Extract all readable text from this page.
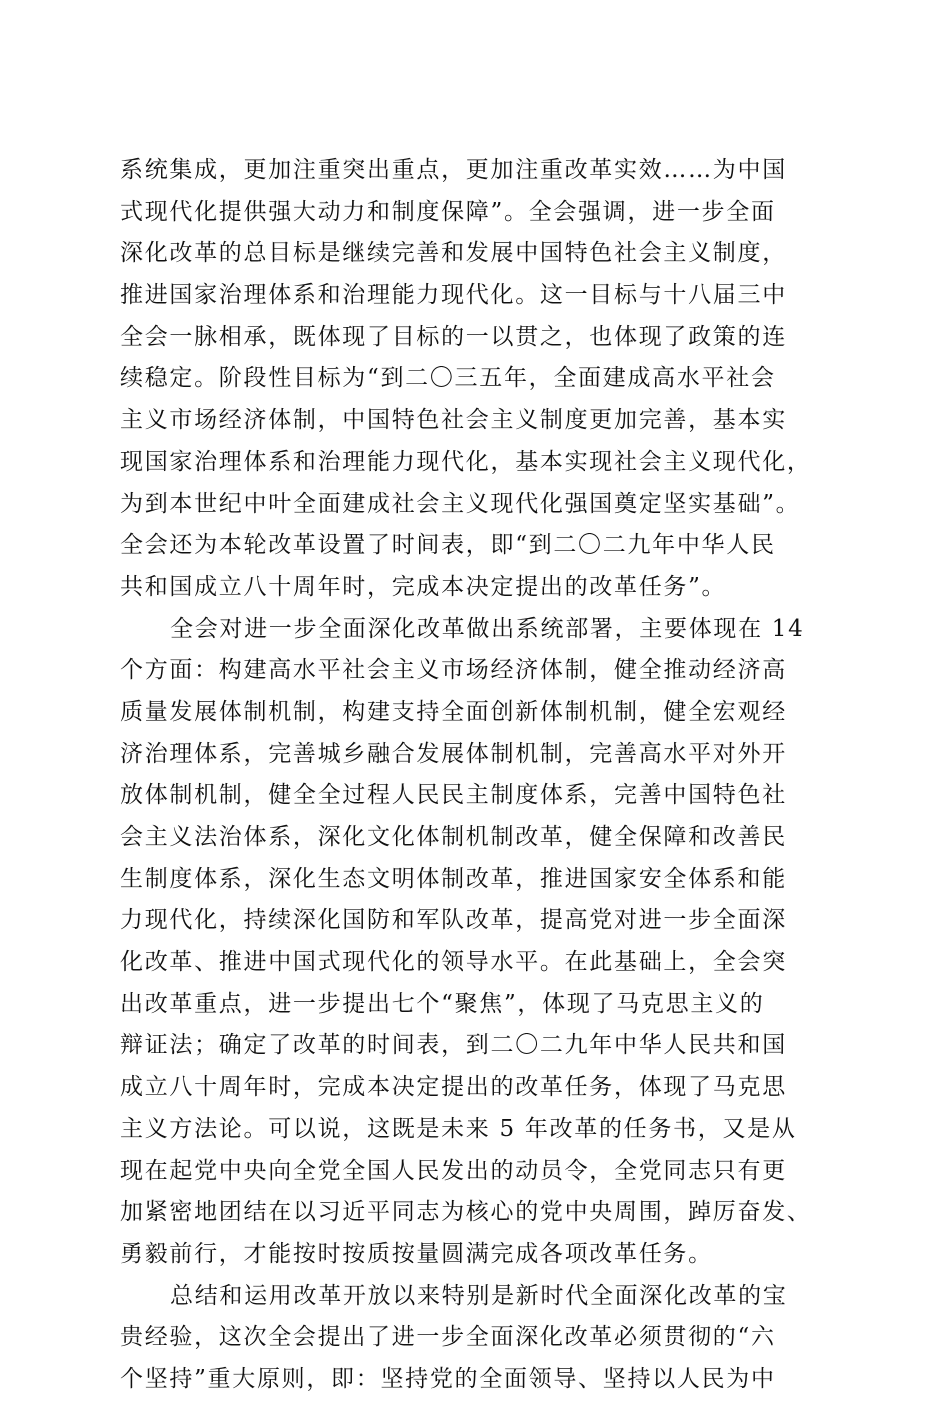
系统集成，更加注重突出重点，更加注重改革实效……为中国
式现代化提供强大动力和制度保障”。全会强调，进一步全面
深化改革的总目标是继续完善和发展中国特色社会主义制度，
推进国家治理体系和治理能力现代化。这一目标与十八届三中
全会一脉相承，既体现了目标的一以贯之，也体现了政策的连
续稳定。阶段性目标为“到二〇三五年，全面建成高水平社会
主义市场经济体制，中国特色社会主义制度更加完善，基本实
现国家治理体系和治理能力现代化，基本实现社会主义现代化，
为到本世纪中叶全面建成社会主义现代化强国奠定坚实基础”。
全会还为本轮改革设置了时间表，即“到二〇二九年中华人民
共和国成立八十周年时，完成本决定提出的改革任务”。
全会对进一步全面深化改革做出系统部署，主要体现在 14
个方面：构建高水平社会主义市场经济体制，健全推动经济高
质量发展体制机制，构建支持全面创新体制机制，健全宏观经
济治理体系，完善城乡融合发展体制机制，完善高水平对外开
放体制机制，健全全过程人民民主制度体系，完善中国特色社
会主义法治体系，深化文化体制机制改革，健全保障和改善民
生制度体系，深化生态文明体制改革，推进国家安全体系和能
力现代化，持续深化国防和军队改革，提高党对进一步全面深
化改革、推进中国式现代化的领导水平。在此基础上，全会突
出改革重点，进一步提出七个“聚焦”，体现了马克思主义的
辩证法；确定了改革的时间表，到二〇二九年中华人民共和国
成立八十周年时，完成本决定提出的改革任务，体现了马克思
主义方法论。可以说，这既是未来 5 年改革的任务书，又是从
现在起党中央向全党全国人民发出的动员令，全党同志只有更
加紧密地团结在以习近平同志为核心的党中央周围，踔厉奋发、
勇毅前行，才能按时按质按量圆满完成各项改革任务。
总结和运用改革开放以来特别是新时代全面深化改革的宝
贵经验，这次全会提出了进一步全面深化改革必须贯彻的“六
个坚持”重大原则，即：坚持党的全面领导、坚持以人民为中
